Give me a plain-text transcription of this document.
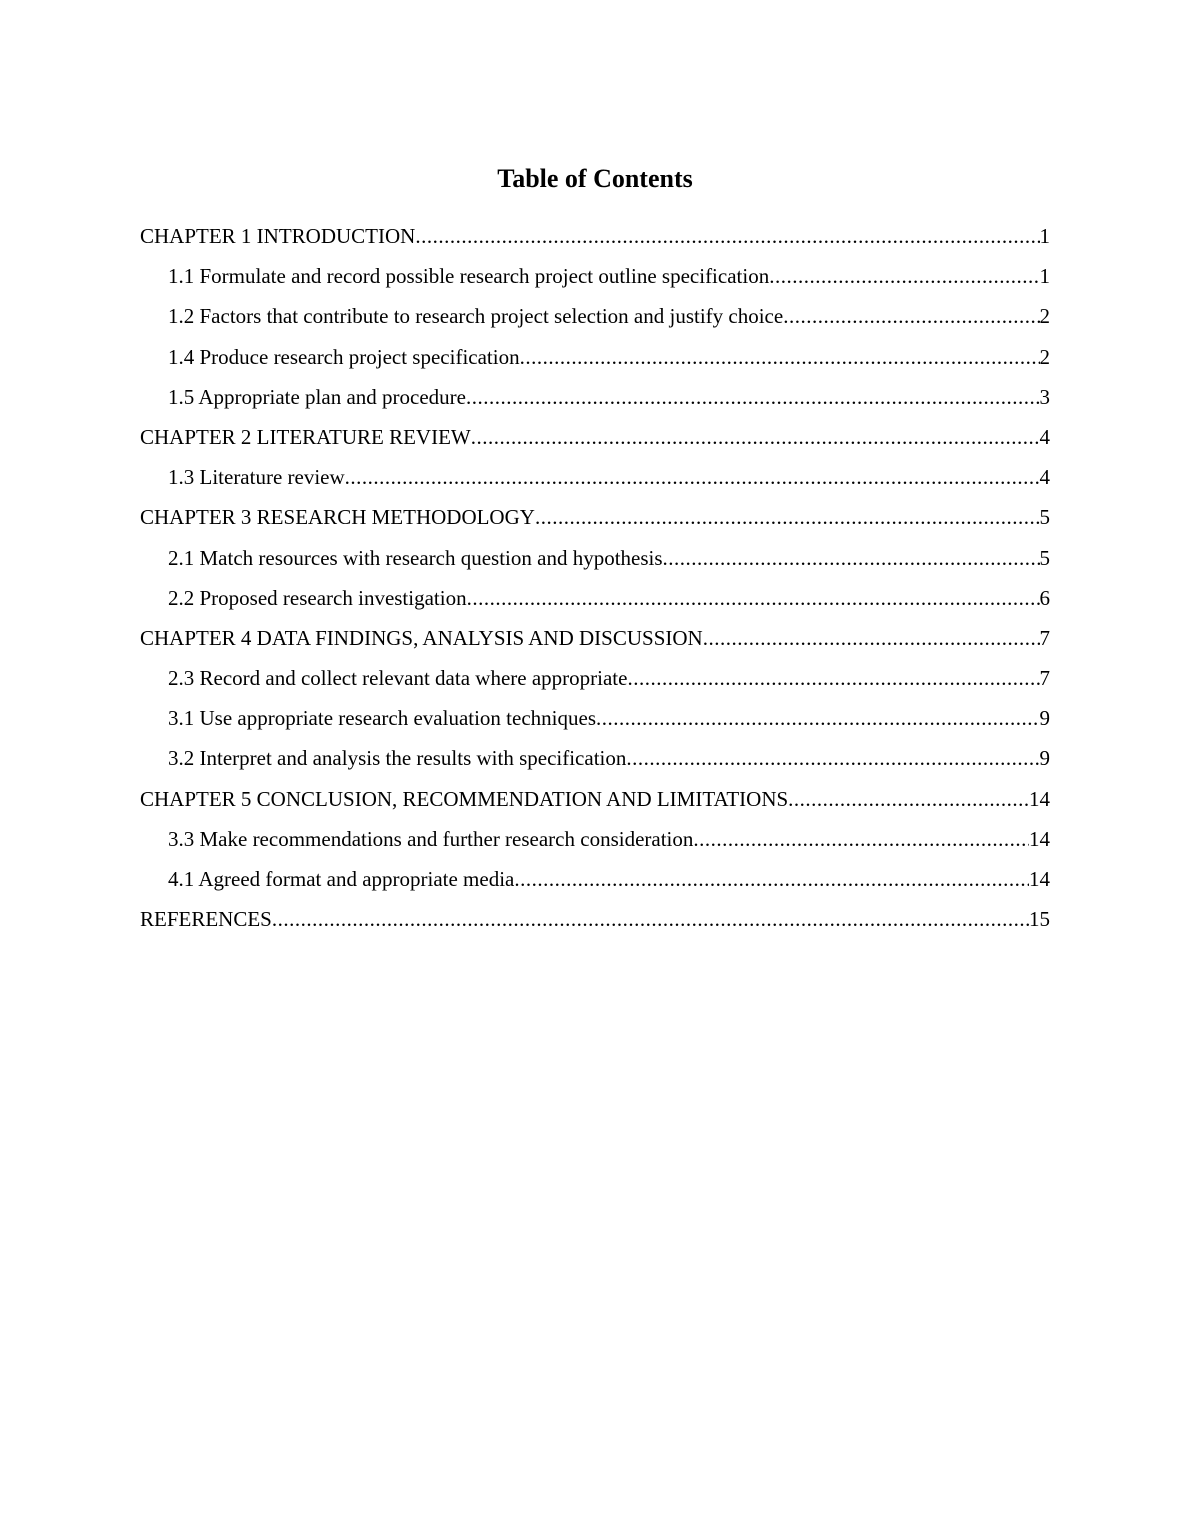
Table of Contents
CHAPTER 1 INTRODUCTION .....	1
1.1 Formulate and record possible research project outline specification .....	1
1.2 Factors that contribute to research project selection and justify choice .....	2
1.4 Produce research project specification .....	2
1.5 Appropriate plan and procedure .....	3
CHAPTER 2 LITERATURE REVIEW .....	4
1.3 Literature review .....	4
CHAPTER 3 RESEARCH METHODOLOGY .....	5
2.1 Match resources with research question and hypothesis .....	5
2.2 Proposed research investigation .....	6
CHAPTER 4 DATA FINDINGS, ANALYSIS AND DISCUSSION .....	7
2.3 Record and collect relevant data where appropriate .....	7
3.1 Use appropriate research evaluation techniques .....	9
3.2 Interpret and analysis the results with specification .....	9
CHAPTER 5 CONCLUSION, RECOMMENDATION AND LIMITATIONS .....	14
3.3 Make recommendations and further research consideration .....	14
4.1 Agreed format and appropriate media .....	14
REFERENCES .....	15
